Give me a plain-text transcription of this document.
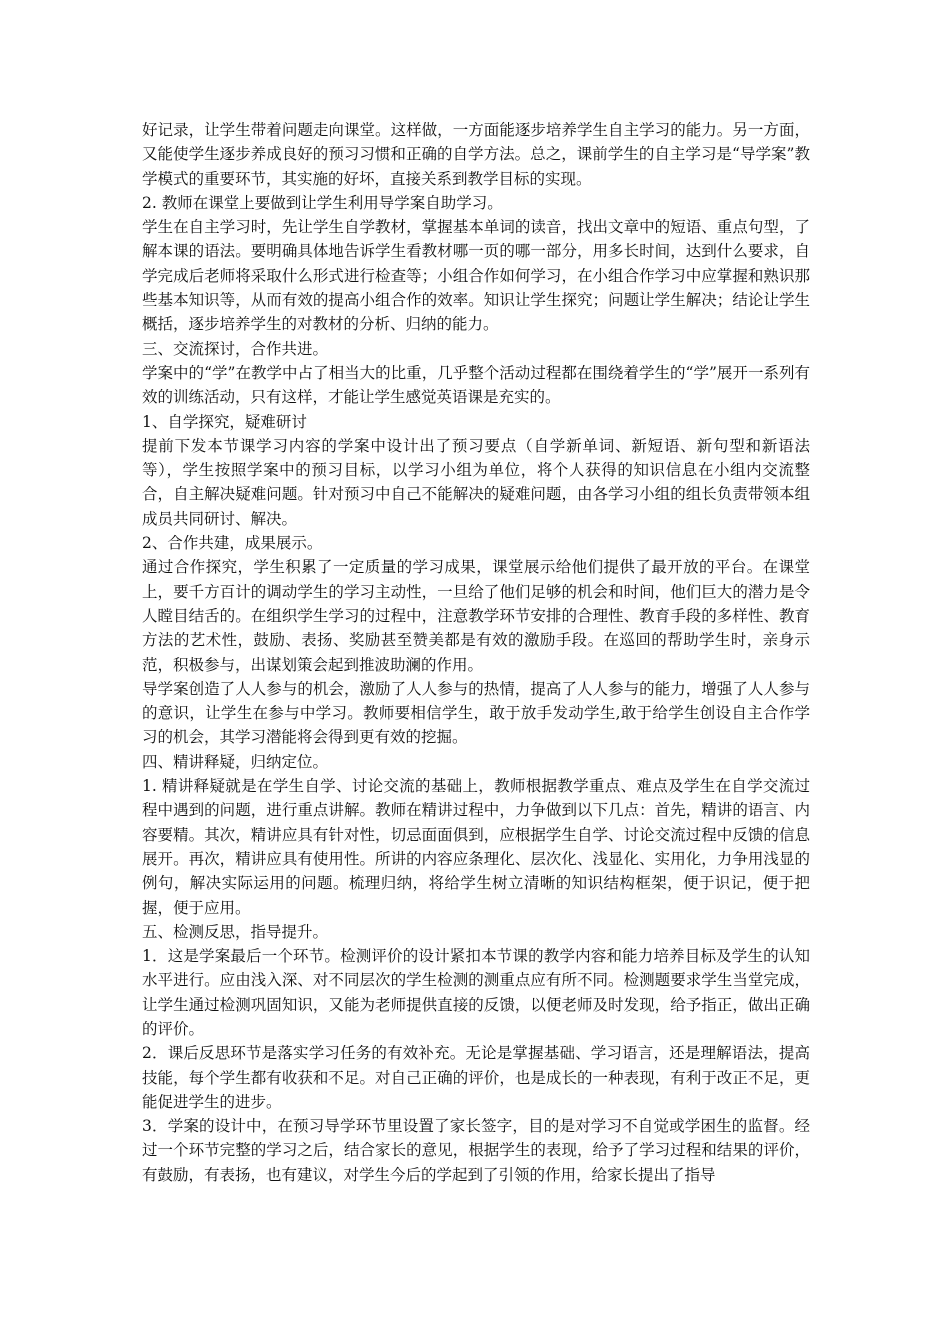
好记录，让学生带着问题走向课堂。这样做，一方面能逐步培养学生自主学习的能力。另一方面，又能使学生逐步养成良好的预习习惯和正确的自学方法。总之，课前学生的自主学习是“导学案”教学模式的重要环节，其实施的好坏，直接关系到教学目标的实现。

2. 教师在课堂上要做到让学生利用导学案自助学习。

学生在自主学习时，先让学生自学教材，掌握基本单词的读音，找出文章中的短语、重点句型，了解本课的语法。要明确具体地告诉学生看教材哪一页的哪一部分，用多长时间，达到什么要求，自学完成后老师将采取什么形式进行检查等；小组合作如何学习，在小组合作学习中应掌握和熟识那些基本知识等，从而有效的提高小组合作的效率。知识让学生探究；问题让学生解决；结论让学生概括，逐步培养学生的对教材的分析、归纳的能力。

三、交流探讨，合作共进。

学案中的“学”在教学中占了相当大的比重，几乎整个活动过程都在围绕着学生的“学”展开一系列有效的训练活动，只有这样，才能让学生感觉英语课是充实的。

1、自学探究，疑难研讨

提前下发本节课学习内容的学案中设计出了预习要点（自学新单词、新短语、新句型和新语法等），学生按照学案中的预习目标，以学习小组为单位，将个人获得的知识信息在小组内交流整合，自主解决疑难问题。针对预习中自己不能解决的疑难问题，由各学习小组的组长负责带领本组成员共同研讨、解决。

2、合作共建，成果展示。

通过合作探究，学生积累了一定质量的学习成果，课堂展示给他们提供了最开放的平台。在课堂上，要千方百计的调动学生的学习主动性，一旦给了他们足够的机会和时间，他们巨大的潜力是令人瞠目结舌的。在组织学生学习的过程中，注意教学环节安排的合理性、教育手段的多样性、教育方法的艺术性，鼓励、表扬、奖励甚至赞美都是有效的激励手段。在巡回的帮助学生时，亲身示范，积极参与，出谋划策会起到推波助澜的作用。

导学案创造了人人参与的机会，激励了人人参与的热情，提高了人人参与的能力，增强了人人参与的意识，让学生在参与中学习。教师要相信学生，敢于放手发动学生,敢于给学生创设自主合作学习的机会，其学习潜能将会得到更有效的挖掘。

四、精讲释疑，归纳定位。

1. 精讲释疑就是在学生自学、讨论交流的基础上，教师根据教学重点、难点及学生在自学交流过程中遇到的问题，进行重点讲解。教师在精讲过程中，力争做到以下几点：首先，精讲的语言、内容要精。其次，精讲应具有针对性，切忌面面俱到，应根据学生自学、讨论交流过程中反馈的信息展开。再次，精讲应具有使用性。所讲的内容应条理化、层次化、浅显化、实用化，力争用浅显的例句，解决实际运用的问题。梳理归纳，将给学生树立清晰的知识结构框架，便于识记，便于把握，便于应用。

五、检测反思，指导提升。

1．这是学案最后一个环节。检测评价的设计紧扣本节课的教学内容和能力培养目标及学生的认知水平进行。应由浅入深、对不同层次的学生检测的测重点应有所不同。检测题要求学生当堂完成，让学生通过检测巩固知识，又能为老师提供直接的反馈，以便老师及时发现，给予指正，做出正确的评价。

2．课后反思环节是落实学习任务的有效补充。无论是掌握基础、学习语言，还是理解语法，提高技能，每个学生都有收获和不足。对自己正确的评价，也是成长的一种表现，有利于改正不足，更能促进学生的进步。

3．学案的设计中，在预习导学环节里设置了家长签字，目的是对学习不自觉或学困生的监督。经过一个环节完整的学习之后，结合家长的意见，根据学生的表现，给予了学习过程和结果的评价，有鼓励，有表扬，也有建议，对学生今后的学起到了引领的作用，给家长提出了指导
